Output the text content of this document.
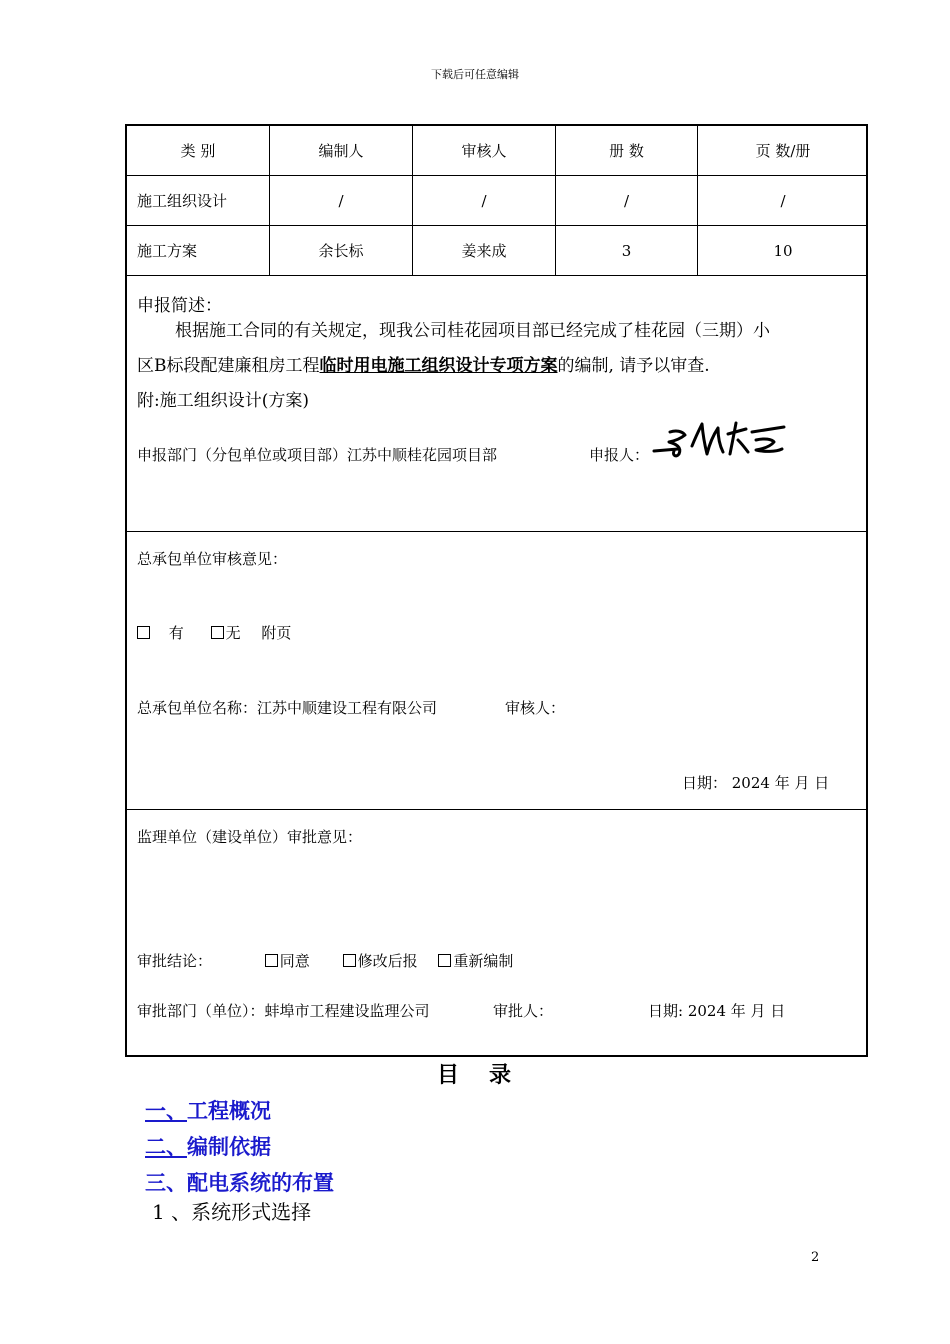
下载后可任意编辑
类 别	编制人	审核人	册 数	页 数/册
施工组织设计	/	/	/	/
施工方案	余长标	姜来成	3	10
申报简述：
根据施工合同的有关规定，现我公司桂花园项目部已经完成了桂花园（三期）小
区B标段配建廉租房工程临时用电施工组织设计专项方案的编制, 请予以审查.
附:施工组织设计(方案)
申报部门（分包单位或项目部）江苏中顺桂花园项目部	申报人：
总承包单位审核意见：
有	无 附页
总承包单位名称：江苏中顺建设工程有限公司	审核人：
日期： 2024 年 月 日
监理单位（建设单位）审批意见：
审批结论：	同意	修改后报 重新编制
审批部门（单位）：蚌埠市工程建设监理公司	审批人：	日期: 2024 年 月 日
目 录
一、工程概况
二、编制依据
三、配电系统的布置
1 、系统形式选择
2
